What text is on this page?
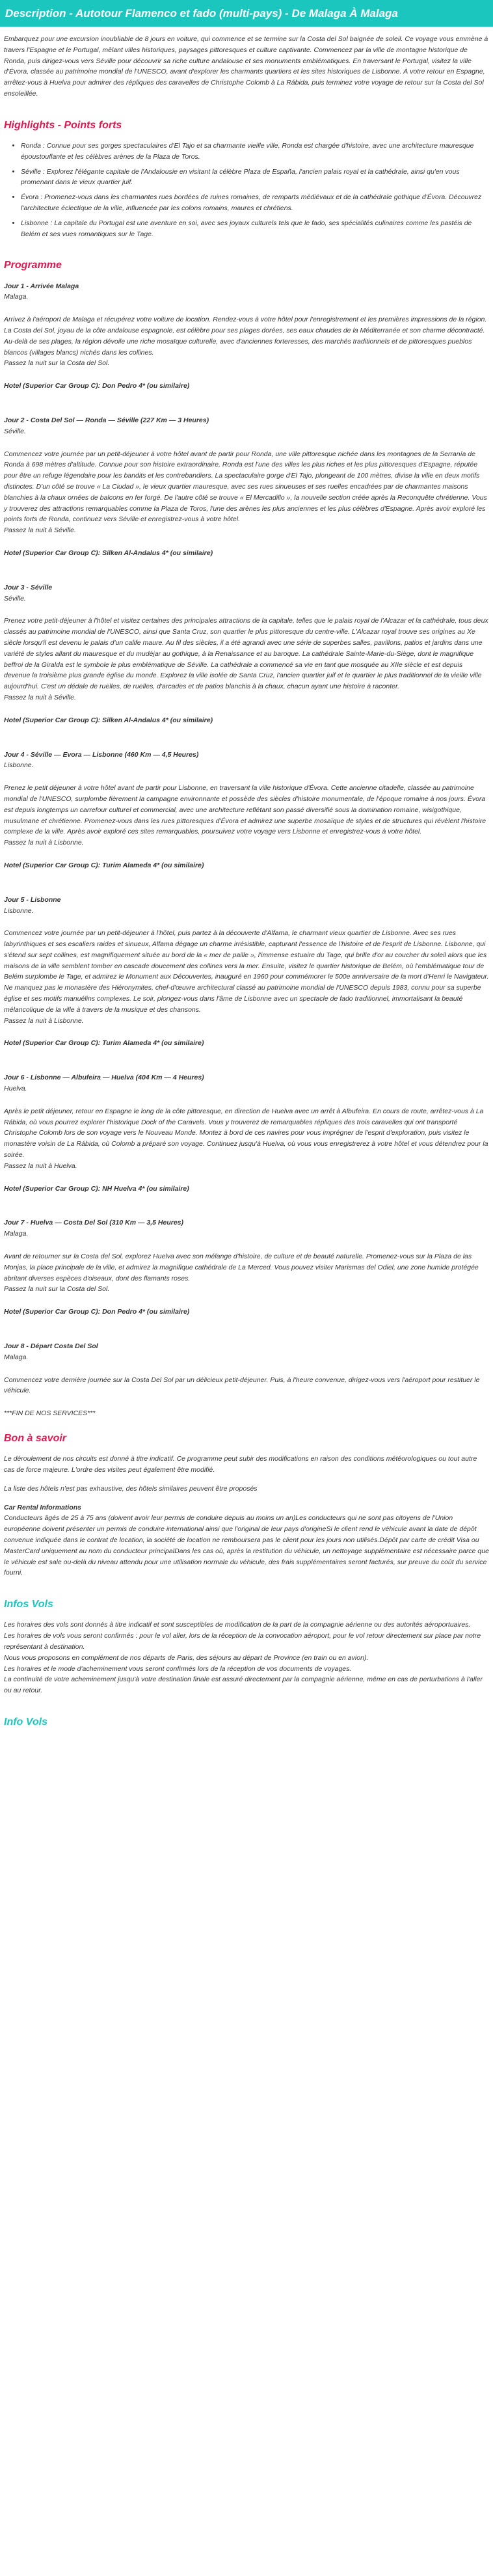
Description - Autotour Flamenco et fado (multi-pays) - De Malaga À Malaga

Embarquez pour une excursion inoubliable de 8 jours en voiture, qui commence et se termine sur la Costa del Sol baignée de soleil. Ce voyage vous emmène à travers l'Espagne et le Portugal, mêlant villes historiques, paysages pittoresques et culture captivante. Commencez par la ville de montagne historique de Ronda, puis dirigez-vous vers Séville pour découvrir sa riche culture andalouse et ses monuments emblématiques. En traversant le Portugal, visitez la ville d'Évora, classée au patrimoine mondial de l'UNESCO, avant d'explorer les charmants quartiers et les sites historiques de Lisbonne. À votre retour en Espagne, arrêtez-vous à Huelva pour admirer des répliques des caravelles de Christophe Colomb à La Rábida, puis terminez votre voyage de retour sur la Costa del Sol ensoleillée.

Highlights - Points forts
• Ronda : Connue pour ses gorges spectaculaires d'El Tajo et sa charmante vieille ville, Ronda est chargée d'histoire, avec une architecture mauresque époustouflante et les célèbres arènes de la Plaza de Toros.
• Séville : Explorez l'élégante capitale de l'Andalousie en visitant la célèbre Plaza de España, l'ancien palais royal et la cathédrale, ainsi qu'en vous promenant dans le vieux quartier juif.
• Évora : Promenez-vous dans les charmantes rues bordées de ruines romaines, de remparts médiévaux et de la cathédrale gothique d'Évora. Découvrez l'architecture éclectique de la ville, influencée par les colons romains, maures et chrétiens.
• Lisbonne : La capitale du Portugal est une aventure en soi, avec ses joyaux culturels tels que le fado, ses spécialités culinaires comme les pastéis de Belém et ses vues romantiques sur le Tage.
Programme

Jour 1 - Arrivée Malaga

Malaga.

Arrivez à l'aéroport de Malaga et récupérez votre voiture de location. Rendez-vous à votre hôtel pour l'enregistrement et les premières impressions de la région. La Costa del Sol, joyau de la côte andalouse espagnole, est célèbre pour ses plages dorées, ses eaux chaudes de la Méditerranée et son charme décontracté. Au-delà de ses plages, la région dévoile une riche mosaïque culturelle, avec d'anciennes forteresses, des marchés traditionnels et de pittoresques pueblos blancos (villages blancs) nichés dans les collines.
Passez la nuit sur la Costa del Sol.

Hotel (Superior Car Group C): Don Pedro 4* (ou similaire)

Jour 2 - Costa Del Sol — Ronda — Séville (227 Km — 3 Heures)

Séville.

Commencez votre journée par un petit-déjeuner à votre hôtel avant de partir pour Ronda, une ville pittoresque nichée dans les montagnes de la Serranía de Ronda à 698 mètres d'altitude. Connue pour son histoire extraordinaire, Ronda est l'une des villes les plus riches et les plus pittoresques d'Espagne, réputée pour être un refuge légendaire pour les bandits et les contrebandiers. La spectaculaire gorge d'El Tajo, plongeant de 100 mètres, divise la ville en deux motifs distinctes. D'un côté se trouve « La Ciudad », le vieux quartier mauresque, avec ses rues sinueuses et ses ruelles encadrées par de charmantes maisons blanchies à la chaux ornées de balcons en fer forgé. De l'autre côté se trouve « El Mercadillo », la nouvelle section créée après la Reconquête chrétienne. Vous y trouverez des attractions remarquables comme la Plaza de Toros, l'une des arènes les plus anciennes et les plus célèbres d'Espagne. Après avoir exploré les points forts de Ronda, continuez vers Séville et enregistrez-vous à votre hôtel.
Passez la nuit à Séville.

Hotel (Superior Car Group C): Silken Al-Andalus 4* (ou similaire)

Jour 3 - Séville

Séville.

Prenez votre petit-déjeuner à l'hôtel et visitez certaines des principales attractions de la capitale, telles que le palais royal de l'Alcazar et la cathédrale, tous deux classés au patrimoine mondial de l'UNESCO, ainsi que Santa Cruz, son quartier le plus pittoresque du centre-ville. L'Alcazar royal trouve ses origines au Xe siècle lorsqu'il est devenu le palais d'un calife maure. Au fil des siècles, il a été agrandi avec une série de superbes salles, pavillons, patios et jardins dans une variété de styles allant du mauresque et du mudéjar au gothique, à la Renaissance et au baroque. La cathédrale Sainte-Marie-du-Siège, dont le magnifique beffroi de la Giralda est le symbole le plus emblématique de Séville. La cathédrale a commencé sa vie en tant que mosquée au XIIe siècle et est depuis devenue la troisième plus grande église du monde. Explorez la ville isolée de Santa Cruz, l'ancien quartier juif et le quartier le plus traditionnel de la vieille ville aujourd'hui. C'est un dédale de ruelles, de ruelles, d'arcades et de patios blanchis à la chaux, chacun ayant une histoire à raconter.
Passez la nuit à Séville.

Hotel (Superior Car Group C): Silken Al-Andalus 4* (ou similaire)

Jour 4 - Séville — Evora — Lisbonne (460 Km — 4,5 Heures)

Lisbonne.

Prenez le petit déjeuner à votre hôtel avant de partir pour Lisbonne, en traversant la ville historique d'Évora. Cette ancienne citadelle, classée au patrimoine mondial de l'UNESCO, surplombe fièrement la campagne environnante et possède des siècles d'histoire monumentale, de l'époque romaine à nos jours. Évora est depuis longtemps un carrefour culturel et commercial, avec une architecture reflétant son passé diversifié sous la domination romaine, wisigothique, musulmane et chrétienne. Promenez-vous dans les rues pittoresques d'Évora et admirez une superbe mosaïque de styles et de structures qui révèlent l'histoire complexe de la ville. Après avoir exploré ces sites remarquables, poursuivez votre voyage vers Lisbonne et enregistrez-vous à votre hôtel.
Passez la nuit à Lisbonne.

Hotel (Superior Car Group C): Turim Alameda 4* (ou similaire)

Jour 5 - Lisbonne

Lisbonne.

Commencez votre journée par un petit-déjeuner à l'hôtel, puis partez à la découverte d'Alfama, le charmant vieux quartier de Lisbonne. Avec ses rues labyrinthiques et ses escaliers raides et sinueux, Alfama dégage un charme irrésistible, capturant l'essence de l'histoire et de l'esprit de Lisbonne. Lisbonne, qui s'étend sur sept collines, est magnifiquement située au bord de la « mer de paille », l'immense estuaire du Tage, qui brille d'or au coucher du soleil alors que les maisons de la ville semblent tomber en cascade doucement des collines vers la mer. Ensuite, visitez le quartier historique de Belém, où l'emblématique tour de Belém surplombe le Tage, et admirez le Monument aux Découvertes, inauguré en 1960 pour commémorer le 500e anniversaire de la mort d'Henri le Navigateur. Ne manquez pas le monastère des Hiéronymites, chef-d'œuvre architectural classé au patrimoine mondial de l'UNESCO depuis 1983, connu pour sa superbe église et ses motifs manuélins complexes. Le soir, plongez-vous dans l'âme de Lisbonne avec un spectacle de fado traditionnel, immortalisant la beauté mélancolique de la ville à travers de la musique et des chansons.
Passez la nuit à Lisbonne.

Hotel (Superior Car Group C): Turim Alameda 4* (ou similaire)

Jour 6 - Lisbonne — Albufeira — Huelva (404 Km — 4 Heures)

Huelva.

Après le petit déjeuner, retour en Espagne le long de la côte pittoresque, en direction de Huelva avec un arrêt à Albufeira. En cours de route, arrêtez-vous à La Rábida, où vous pourrez explorer l'historique Dock of the Caravels. Vous y trouverez de remarquables répliques des trois caravelles qui ont transporté Christophe Colomb lors de son voyage vers le Nouveau Monde. Montez à bord de ces navires pour vous imprégner de l'esprit d'exploration, puis visitez le monastère voisin de La Rábida, où Colomb a préparé son voyage. Continuez jusqu'à Huelva, où vous vous enregistrerez à votre hôtel et vous détendrez pour la soirée.
Passez la nuit à Huelva.

Hotel (Superior Car Group C): NH Huelva 4* (ou similaire)

Jour 7 - Huelva — Costa Del Sol (310 Km — 3,5 Heures)

Malaga.

Avant de retourner sur la Costa del Sol, explorez Huelva avec son mélange d'histoire, de culture et de beauté naturelle. Promenez-vous sur la Plaza de las Monjas, la place principale de la ville, et admirez la magnifique cathédrale de La Merced. Vous pouvez visiter Marismas del Odiel, une zone humide protégée abritant diverses espèces d'oiseaux, dont des flamants roses.
Passez la nuit sur la Costa del Sol.

Hotel (Superior Car Group C): Don Pedro 4* (ou similaire)

Jour 8 - Départ Costa Del Sol

Malaga.

Commencez votre dernière journée sur la Costa Del Sol par un délicieux petit-déjeuner. Puis, à l'heure convenue, dirigez-vous vers l'aéroport pour restituer le véhicule.

***FIN DE NOS SERVICES***

Bon à savoir

Le déroulement de nos circuits est donné à titre indicatif. Ce programme peut subir des modifications en raison des conditions météorologiques ou tout autre cas de force majeure. L'ordre des visites peut également être modifié.

La liste des hôtels n'est pas exhaustive, des hôtels similaires peuvent être proposés

Car Rental Informations

Conducteurs âgés de 25 à 75 ans (doivent avoir leur permis de conduire depuis au moins un an)Les conducteurs qui ne sont pas citoyens de l'Union européenne doivent présenter un permis de conduire international ainsi que l'original de leur pays d'origineSi le client rend le véhicule avant la date de dépôt convenue indiquée dans le contrat de location, la société de location ne remboursera pas le client pour les jours non utilisés.Dépôt par carte de crédit Visa ou MasterCard uniquement au nom du conducteur principalDans les cas où, après la restitution du véhicule, un nettoyage supplémentaire est nécessaire parce que le véhicule est sale ou-delà du niveau attendu pour une utilisation normale du véhicule, des frais supplémentaires seront facturés, sur preuve du coût du service fourni.

Infos Vols

Les horaires des vols sont donnés à titre indicatif et sont susceptibles de modification de la part de la compagnie aérienne ou des autorités aéroportuaires.

Les horaires de vols vous seront confirmés : pour le vol aller, lors de la réception de la convocation aéroport, pour le vol retour directement sur place par notre représentant à destination.

Nous vous proposons en complément de nos départs de Paris, des séjours au départ de Province (en train ou en avion).

Les horaires et le mode d'acheminement vous seront confirmés lors de la réception de vos documents de voyages.

La continuité de votre acheminement jusqu'à votre destination finale est assuré directement par la compagnie aérienne, même en cas de perturbations à l'aller ou au retour.

Info Vols
